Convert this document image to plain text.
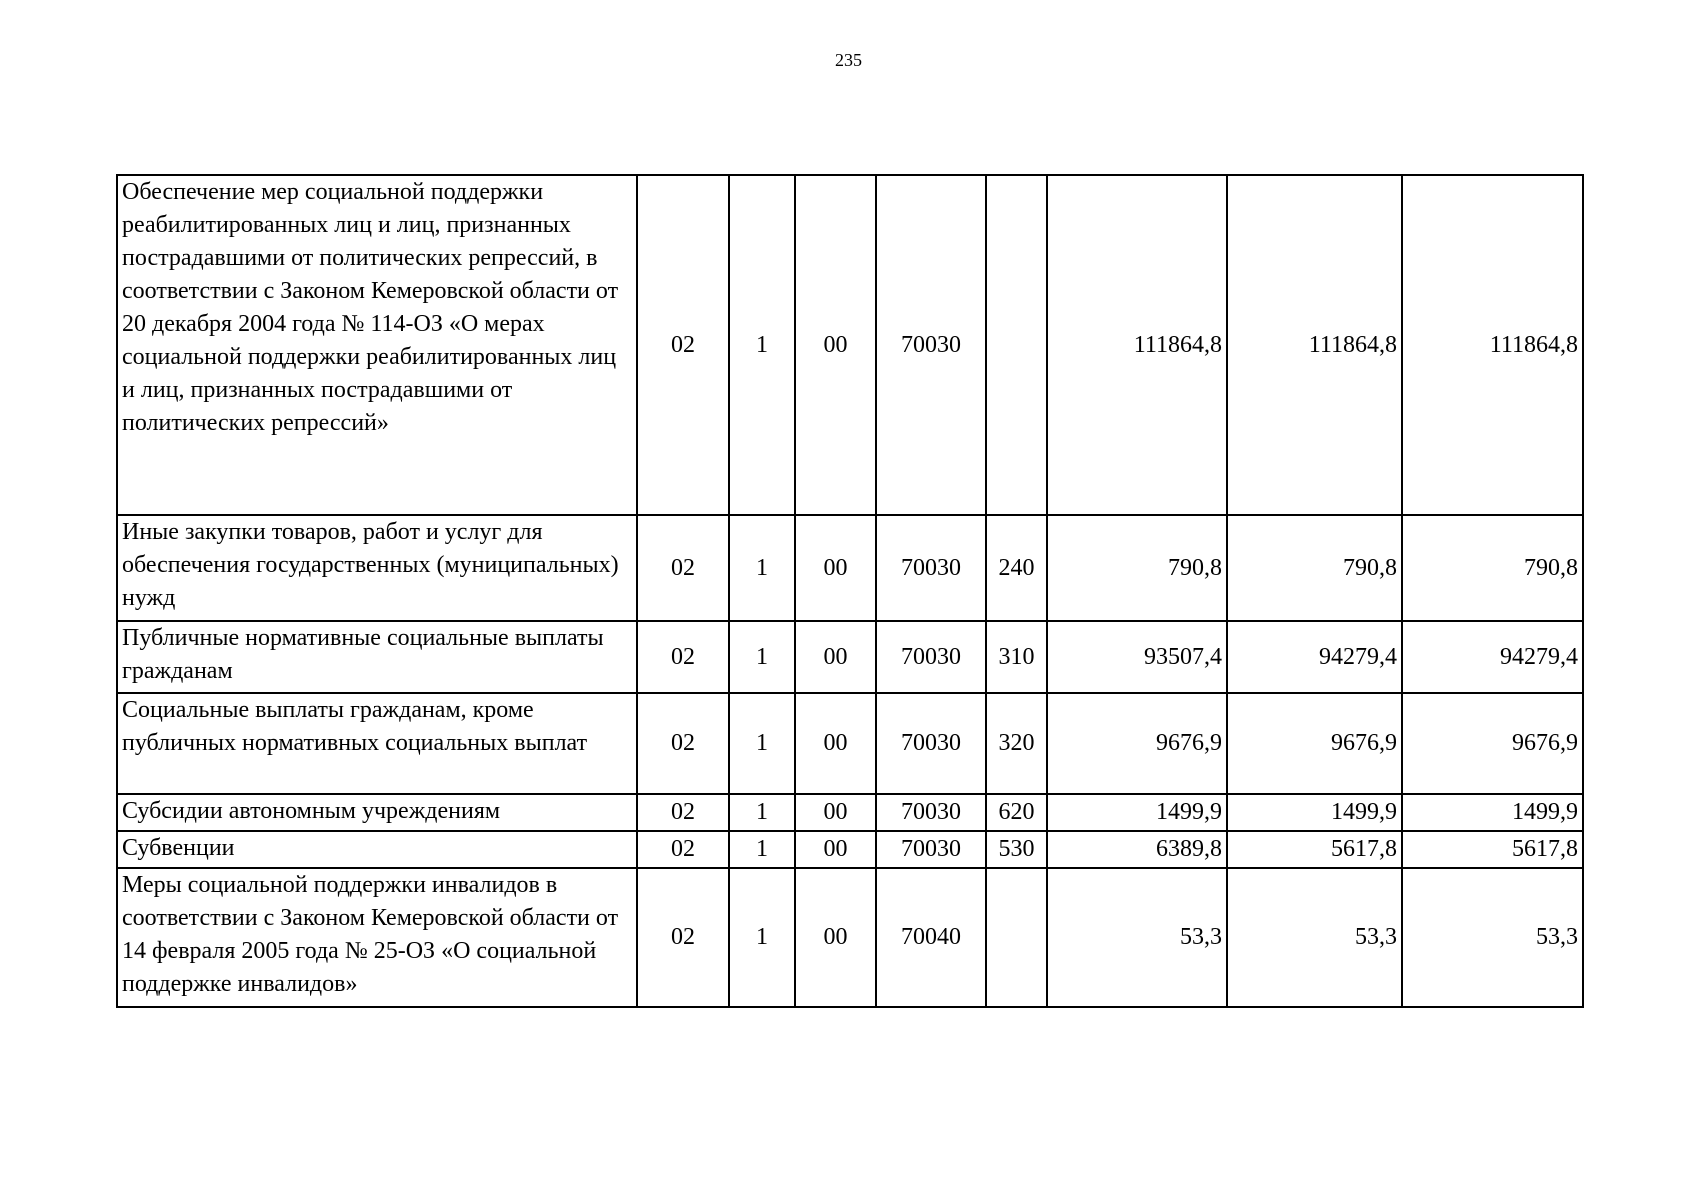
235
Обеспечение мер социальной поддержки реабилитированных лиц и лиц, признанных пострадавшими от политических репрессий, в соответствии с Законом Кемеровской области от 20 декабря 2004 года № 114-ОЗ «О мерах социальной поддержки реабилитированных лиц и лиц, признанных пострадавшими от политических репрессий»	02	1	00	70030		111864,8	111864,8	111864,8
Иные закупки товаров, работ и услуг для обеспечения государственных (муниципальных) нужд	02	1	00	70030	240	790,8	790,8	790,8
Публичные нормативные социальные выплаты гражданам	02	1	00	70030	310	93507,4	94279,4	94279,4
Социальные выплаты гражданам, кроме публичных нормативных социальных выплат	02	1	00	70030	320	9676,9	9676,9	9676,9
Субсидии автономным учреждениям	02	1	00	70030	620	1499,9	1499,9	1499,9
Субвенции	02	1	00	70030	530	6389,8	5617,8	5617,8
Меры социальной поддержки инвалидов в соответствии с Законом Кемеровской области от 14 февраля 2005 года № 25-ОЗ «О социальной поддержке инвалидов»	02	1	00	70040		53,3	53,3	53,3
